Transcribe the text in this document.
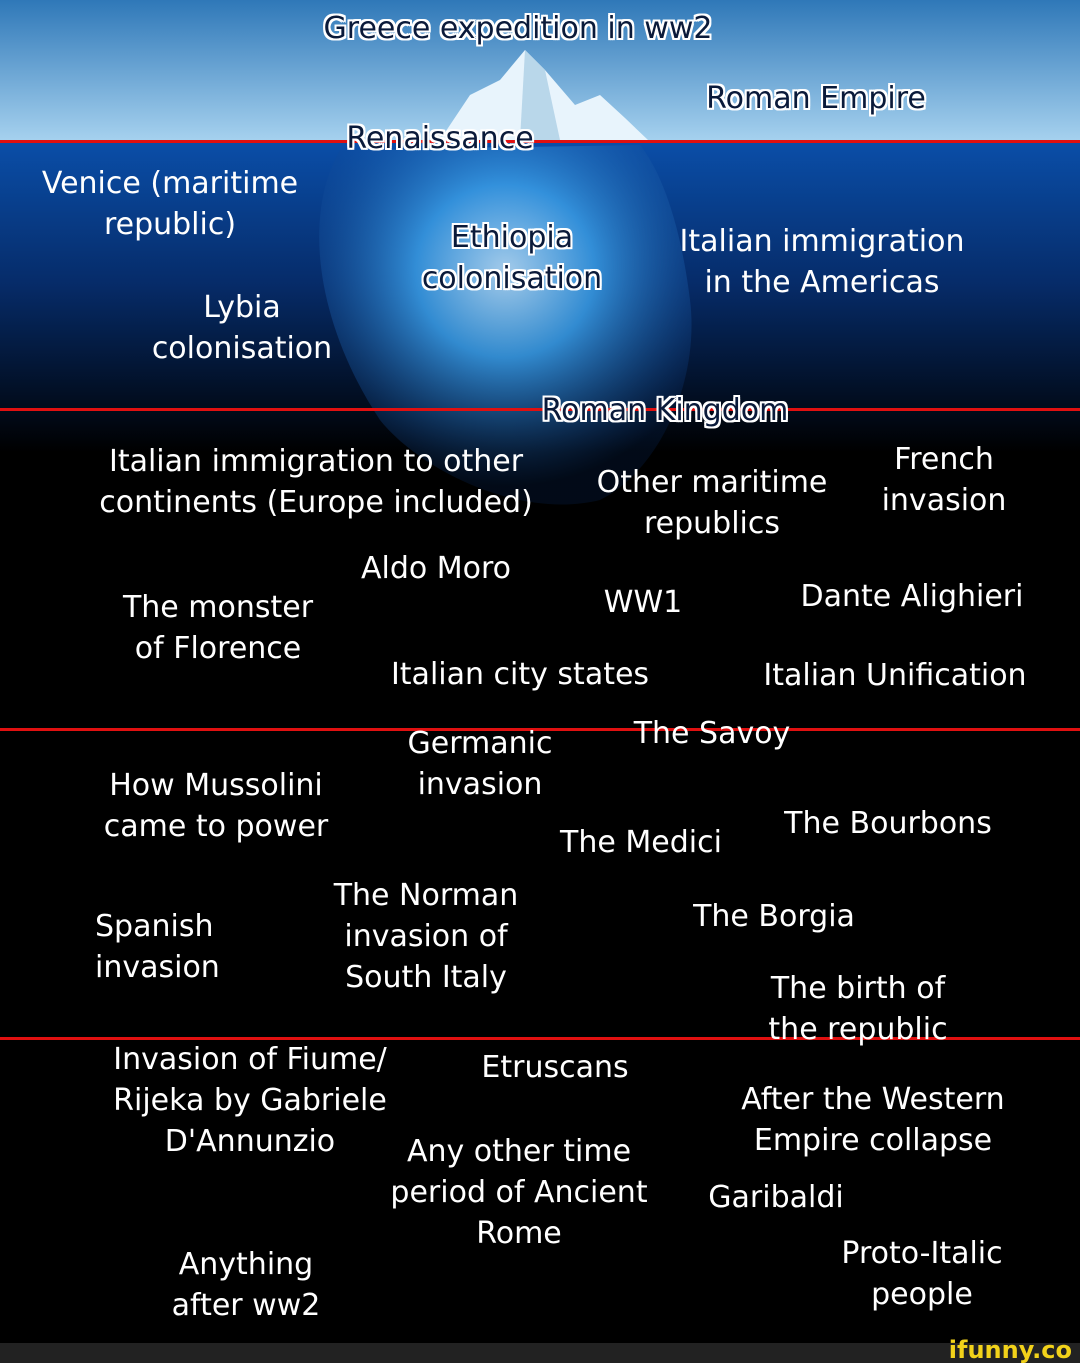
Greece expedition in ww2
Roman Empire
Renaissance
Venice (maritime
republic)	Ethiopia
colonisation
Italian immigration
in the Americas
Lybia
colonisation
Roman Kingdom
Italian immigration to other
continents (Europe included)
Other maritime
republics
French
invasion
Aldo Moro
The monster
of Florence
WW1	Dante Alighieri
Italian city states	Italian Unification
Germanic
invasion
The Savoy
How Mussolini
came to power	The Medici
The Bourbons
The Norman
invasion of
South Italy
Spanish
invasion
The Borgia
The birth of
the republic
Invasion of Fiume/
Rijeka by Gabriele
D'Annunzio
Etruscans
After the Western
Empire collapse
Any other time
period of Ancient
Rome
Garibaldi
Proto-Italic
people
Anything
after ww2
ifunny.co
